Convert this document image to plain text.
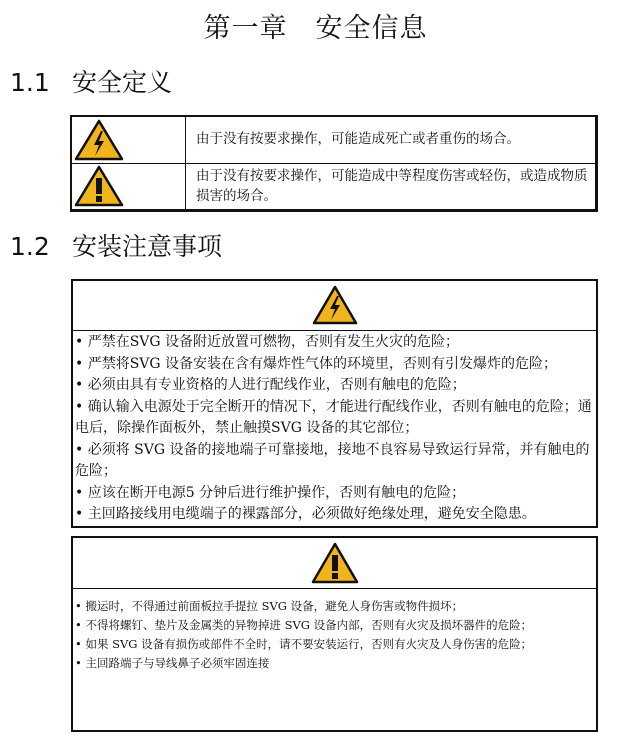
第一章　安全信息
1.1 安全定义
由于没有按要求操作，可能造成死亡或者重伤的场合。
由于没有按要求操作，可能造成中等程度伤害或轻伤，或造成物质损害的场合。
1.2 安装注意事项
• 严禁在SVG 设备附近放置可燃物，否则有发生火灾的危险；
• 严禁将SVG 设备安装在含有爆炸性气体的环境里，否则有引发爆炸的危险；
• 必须由具有专业资格的人进行配线作业，否则有触电的危险；
• 确认输入电源处于完全断开的情况下，才能进行配线作业，否则有触电的危险；通电后，除操作面板外，禁止触摸SVG 设备的其它部位；
• 必须将 SVG 设备的接地端子可靠接地，接地不良容易导致运行异常，并有触电的危险；
• 应该在断开电源5 分钟后进行维护操作，否则有触电的危险；
• 主回路接线用电缆端子的裸露部分，必须做好绝缘处理，避免安全隐患。
• 搬运时，不得通过前面板拉手提拉 SVG 设备，避免人身伤害或物件损坏；
• 不得将螺钉、垫片及金属类的异物掉进 SVG 设备内部，否则有火灾及损坏器件的危险；
• 如果 SVG 设备有损伤或部件不全时，请不要安装运行，否则有火灾及人身伤害的危险；
• 主回路端子与导线鼻子必须牢固连接
